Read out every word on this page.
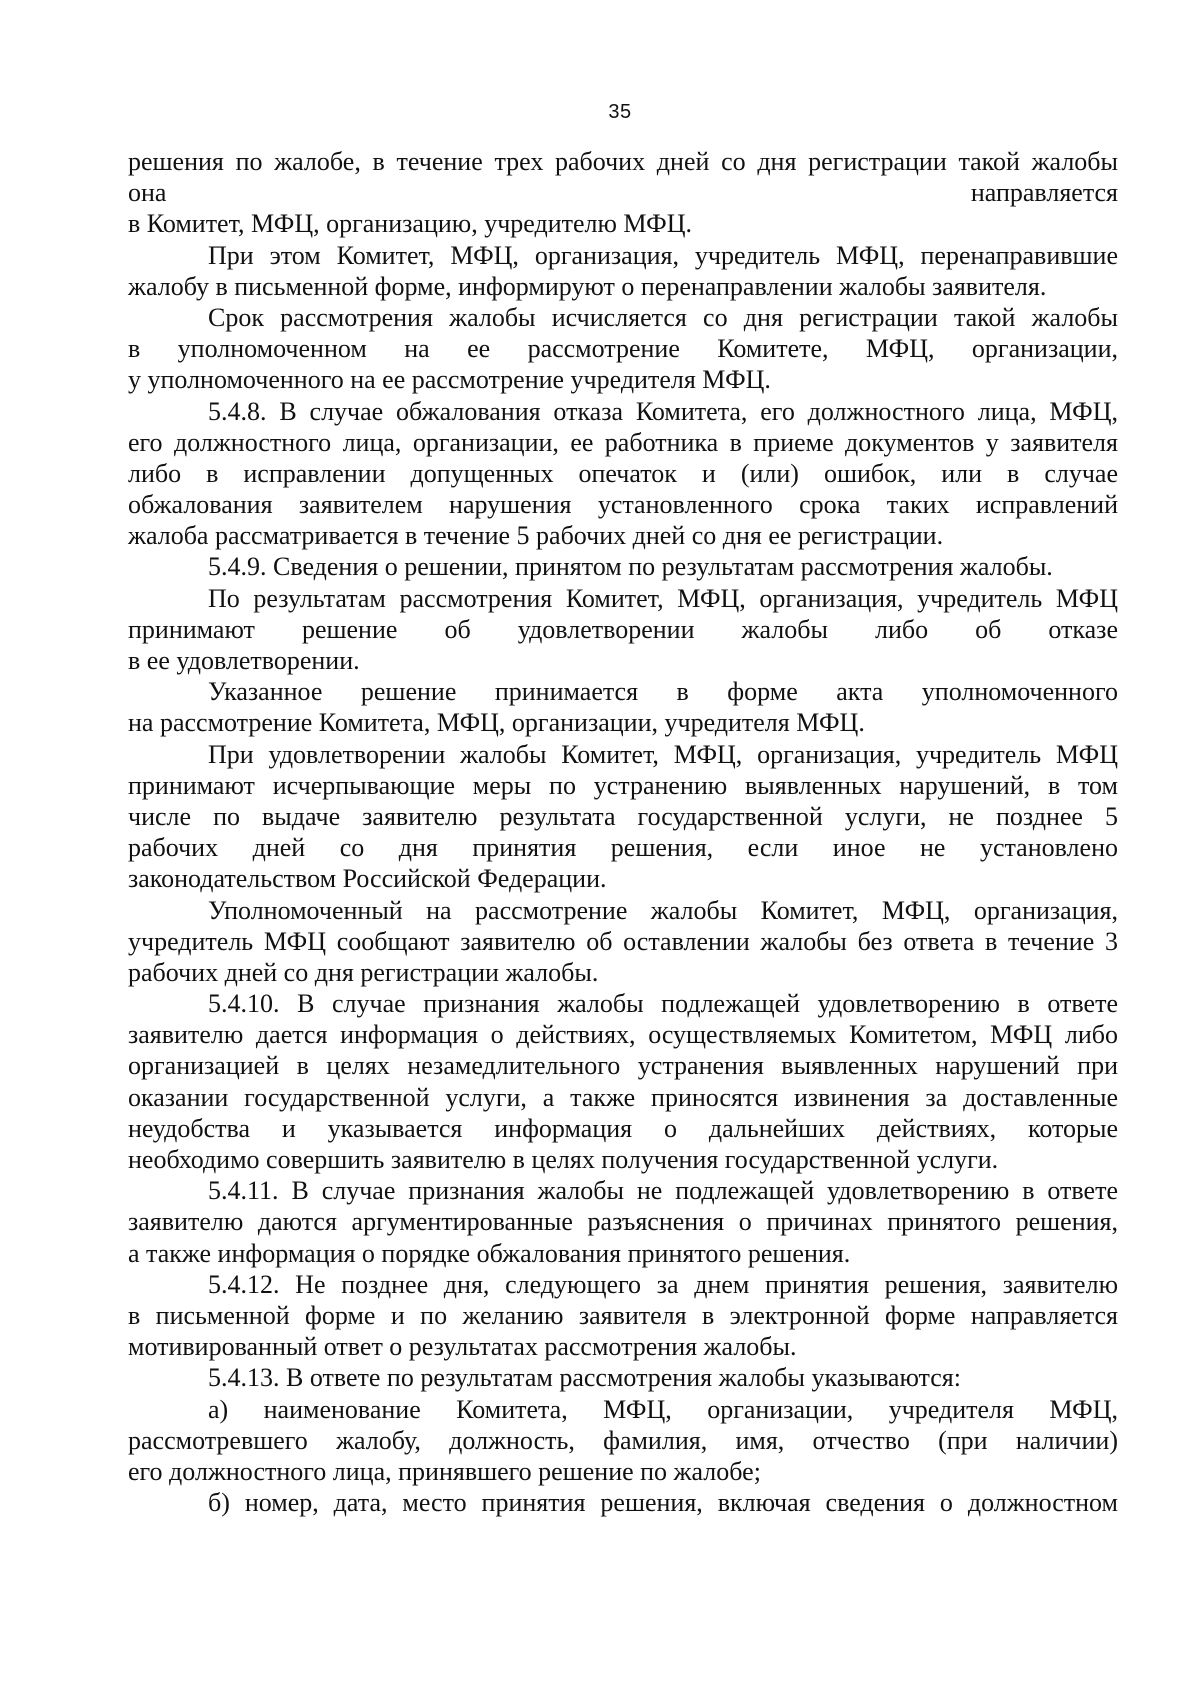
35
решения по жалобе, в течение трех рабочих дней со дня регистрации такой жалобы
она направляется
в Комитет, МФЦ, организацию, учредителю МФЦ.
При этом Комитет, МФЦ, организация, учредитель МФЦ, перенаправившие
жалобу в письменной форме, информируют о перенаправлении жалобы заявителя.
Срок рассмотрения жалобы исчисляется со дня регистрации такой жалобы
в уполномоченном на ее рассмотрение Комитете, МФЦ, организации,
у уполномоченного на ее рассмотрение учредителя МФЦ.
5.4.8. В случае обжалования отказа Комитета, его должностного лица, МФЦ,
его должностного лица, организации, ее работника в приеме документов у заявителя
либо в исправлении допущенных опечаток и (или) ошибок, или в случае
обжалования заявителем нарушения установленного срока таких исправлений
жалоба рассматривается в течение 5 рабочих дней со дня ее регистрации.
5.4.9. Сведения о решении, принятом по результатам рассмотрения жалобы.
По результатам рассмотрения Комитет, МФЦ, организация, учредитель МФЦ
принимают решение об удовлетворении жалобы либо об отказе
в ее удовлетворении.
Указанное решение принимается в форме акта уполномоченного
на рассмотрение Комитета, МФЦ, организации, учредителя МФЦ.
При удовлетворении жалобы Комитет, МФЦ, организация, учредитель МФЦ
принимают исчерпывающие меры по устранению выявленных нарушений, в том
числе по выдаче заявителю результата государственной услуги, не позднее 5
рабочих дней со дня принятия решения, если иное не установлено
законодательством Российской Федерации.
Уполномоченный на рассмотрение жалобы Комитет, МФЦ, организация,
учредитель МФЦ сообщают заявителю об оставлении жалобы без ответа в течение 3
рабочих дней со дня регистрации жалобы.
5.4.10. В случае признания жалобы подлежащей удовлетворению в ответе
заявителю дается информация о действиях, осуществляемых Комитетом, МФЦ либо
организацией в целях незамедлительного устранения выявленных нарушений при
оказании государственной услуги, а также приносятся извинения за доставленные
неудобства и указывается информация о дальнейших действиях, которые
необходимо совершить заявителю в целях получения государственной услуги.
5.4.11. В случае признания жалобы не подлежащей удовлетворению в ответе
заявителю даются аргументированные разъяснения о причинах принятого решения,
а также информация о порядке обжалования принятого решения.
5.4.12. Не позднее дня, следующего за днем принятия решения, заявителю
в письменной форме и по желанию заявителя в электронной форме направляется
мотивированный ответ о результатах рассмотрения жалобы.
5.4.13. В ответе по результатам рассмотрения жалобы указываются:
а) наименование Комитета, МФЦ, организации, учредителя МФЦ,
рассмотревшего жалобу, должность, фамилия, имя, отчество (при наличии)
его должностного лица, принявшего решение по жалобе;
б) номер, дата, место принятия решения, включая сведения о должностном
